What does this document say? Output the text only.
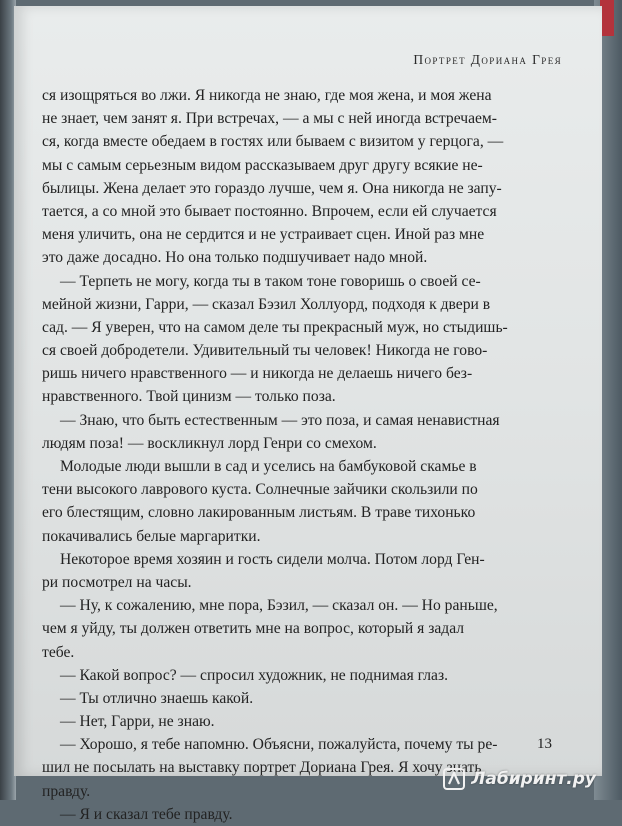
Портрет Дориана Грея
ся изощряться во лжи. Я никогда не знаю, где моя жена, и моя жена
не знает, чем занят я. При встречах, — а мы с ней иногда встречаем-
ся, когда вместе обедаем в гостях или бываем с визитом у герцога, —
мы с самым серьезным видом рассказываем друг другу всякие не-
былицы. Жена делает это гораздо лучше, чем я. Она никогда не запу-
тается, а со мной это бывает постоянно. Впрочем, если ей случается
меня уличить, она не сердится и не устраивает сцен. Иной раз мне
это даже досадно. Но она только подшучивает надо мной.
— Терпеть не могу, когда ты в таком тоне говоришь о своей се-
мейной жизни, Гарри, — сказал Бэзил Холлуорд, подходя к двери в
сад. — Я уверен, что на самом деле ты прекрасный муж, но стыдишь-
ся своей добродетели. Удивительный ты человек! Никогда не гово-
ришь ничего нравственного — и никогда не делаешь ничего без-
нравственного. Твой цинизм — только поза.
— Знаю, что быть естественным — это поза, и самая ненавистная
людям поза! — воскликнул лорд Генри со смехом.
Молодые люди вышли в сад и уселись на бамбуковой скамье в
тени высокого лаврового куста. Солнечные зайчики скользили по
его блестящим, словно лакированным листьям. В траве тихонько
покачивались белые маргаритки.
Некоторое время хозяин и гость сидели молча. Потом лорд Ген-
ри посмотрел на часы.
— Ну, к сожалению, мне пора, Бэзил, — сказал он. — Но раньше,
чем я уйду, ты должен ответить мне на вопрос, который я задал
тебе.
— Какой вопрос? — спросил художник, не поднимая глаз.
— Ты отлично знаешь какой.
— Нет, Гарри, не знаю.
— Хорошо, я тебе напомню. Объясни, пожалуйста, почему ты ре-
шил не посылать на выставку портрет Дориана Грея. Я хочу знать
правду.
— Я и сказал тебе правду.
13
Лабиринт.ру
